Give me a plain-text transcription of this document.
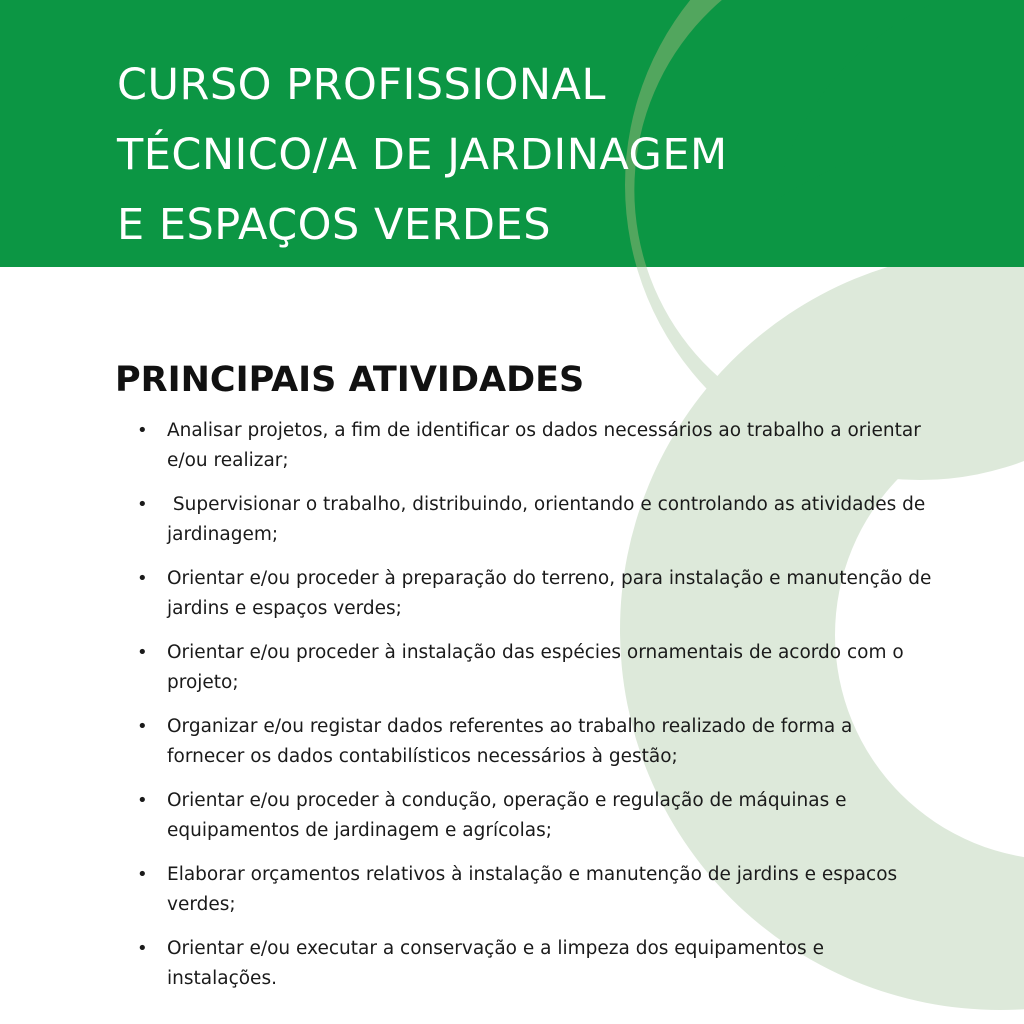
CURSO PROFISSIONAL
TÉCNICO/A DE JARDINAGEM
E ESPAÇOS VERDES
PRINCIPAIS ATIVIDADES
• Analisar projetos, a fim de identificar os dados necessários ao trabalho a orientar e/ou realizar;
• Supervisionar o trabalho, distribuindo, orientando e controlando as atividades de jardinagem;
• Orientar e/ou proceder à preparação do terreno, para instalação e manutenção de jardins e espaços verdes;
• Orientar e/ou proceder à instalação das espécies ornamentais de acordo com o projeto;
• Organizar e/ou registar dados referentes ao trabalho realizado de forma a fornecer os dados contabilísticos necessários à gestão;
• Orientar e/ou proceder à condução, operação e regulação de máquinas e equipamentos de jardinagem e agrícolas;
• Elaborar orçamentos relativos à instalação e manutenção de jardins e espacos verdes;
• Orientar e/ou executar a conservação e a limpeza dos equipamentos e instalações.
